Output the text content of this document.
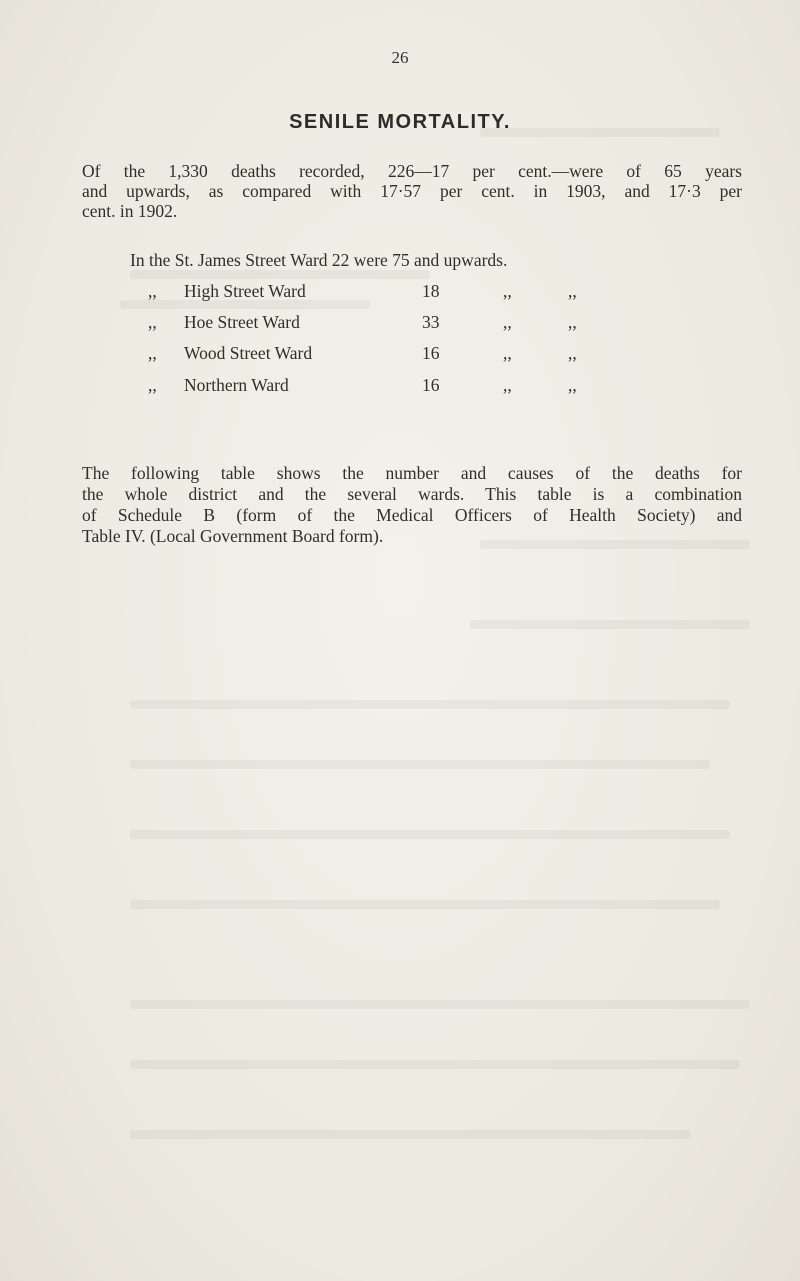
26
SENILE MORTALITY.
Of the 1,330 deaths recorded, 226—17 per cent.—were of 65 years
and upwards, as compared with 17·57 per cent. in 1903, and 17·3 per
cent. in 1902.
In the St. James Street Ward 22 were 75 and upwards.
,, High Street Ward	18	,,	,,
,, Hoe Street Ward	33	,,	,,
,, Wood Street Ward	16	,,	,,
,, Northern Ward	16	,,	,,
The following table shows the number and causes of the deaths for
the whole district and the several wards. This table is a combination
of Schedule B (form of the Medical Officers of Health Society) and
Table IV. (Local Government Board form).
